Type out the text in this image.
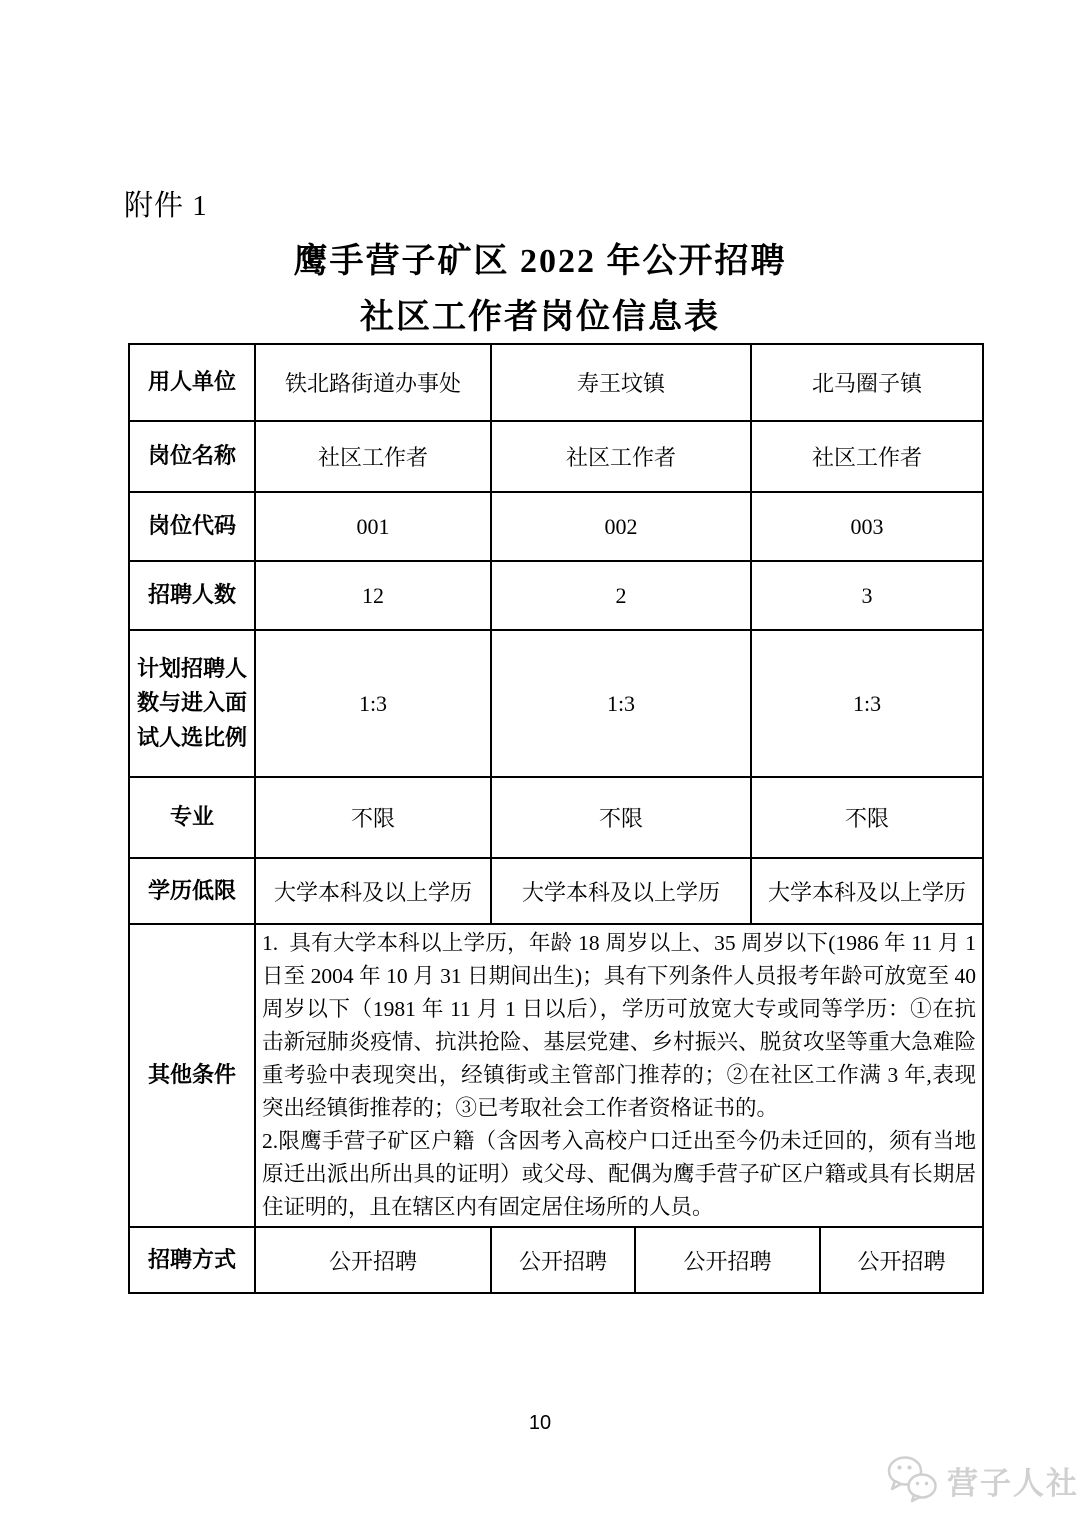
附件 1
鹰手营子矿区 2022 年公开招聘
社区工作者岗位信息表
用人单位	铁北路街道办事处	寿王坟镇		北马圈子镇	
岗位名称	社区工作者	社区工作者		社区工作者	
岗位代码	001	002		003	
招聘人数	12	2		3	
计划招聘人数与进入面试人选比例	1:3	1:3		1:3	
专业	不限	不限		不限	
学历低限	大学本科及以上学历	大学本科及以上学历		大学本科及以上学历	
其他条件	1.  具有大学本科以上学历，年龄 18 周岁以上、35 周岁以下(1986 年 11 月 1 日至 2004 年 10 月 31 日期间出生)；具有下列条件人员报考年龄可放宽至 40 周岁以下（1981 年 11 月 1 日以后），学历可放宽大专或同等学历：①在抗击新冠肺炎疫情、抗洪抢险、基层党建、乡村振兴、脱贫攻坚等重大急难险重考验中表现突出，经镇街或主管部门推荐的；②在社区工作满 3 年,表现突出经镇街推荐的；③已考取社会工作者资格证书的。
2.限鹰手营子矿区户籍（含因考入高校户口迁出至今仍未迁回的，须有当地原迁出派出所出具的证明）或父母、配偶为鹰手营子矿区户籍或具有长期居住证明的，且在辖区内有固定居住场所的人员。				

招聘方式	公开招聘	公开招聘	公开招聘		公开招聘
10
营子人社
